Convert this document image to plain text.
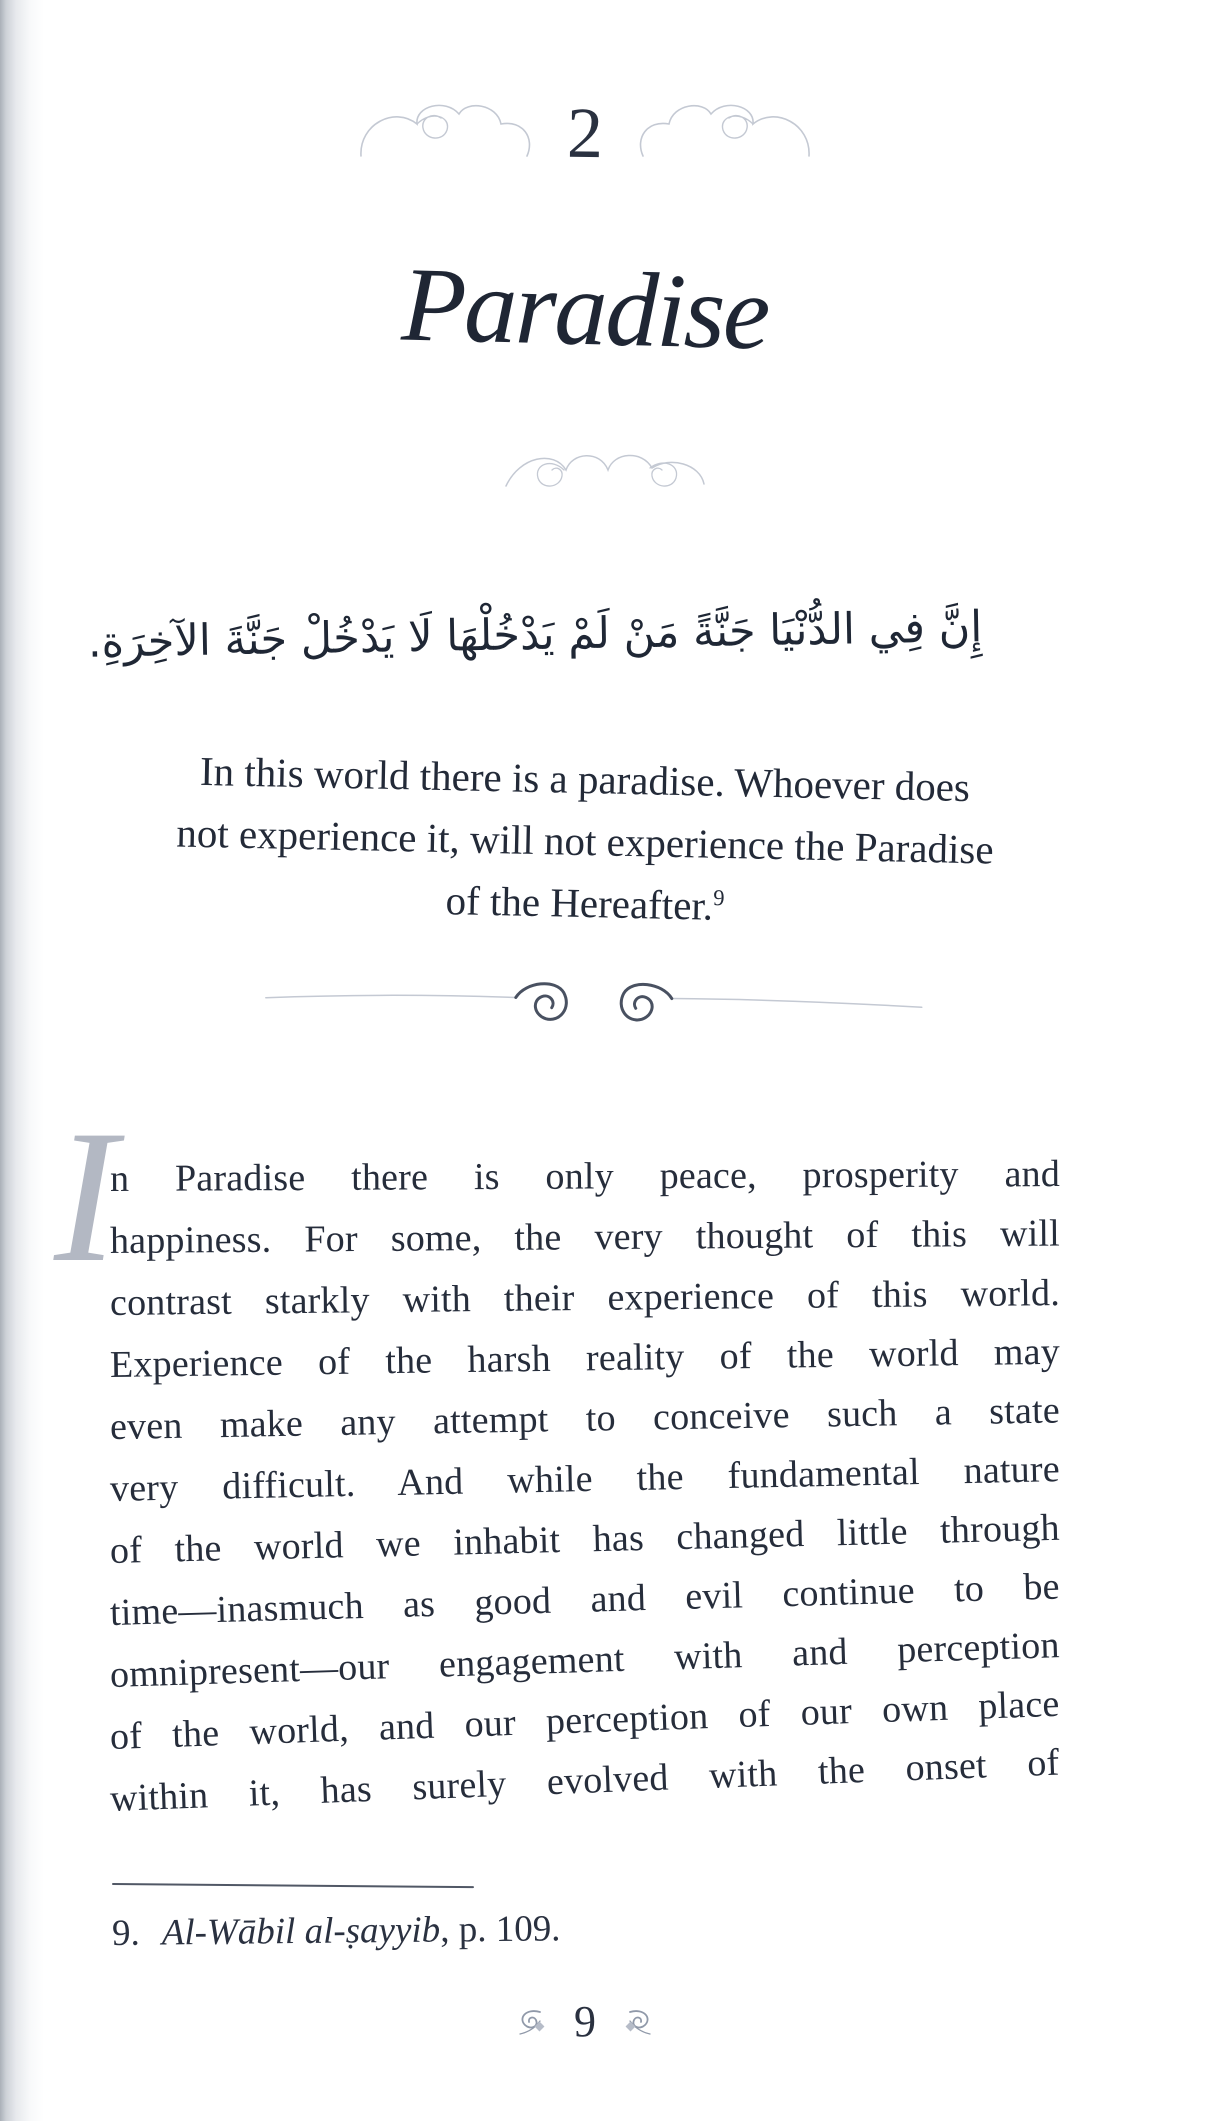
2
Paradise
إِنَّ فِي الدُّنْيَا جَنَّةً مَنْ لَمْ يَدْخُلْهَا لَا يَدْخُلْ جَنَّةَ الآخِرَةِ.
In this world there is a paradise. Whoever does
not experience it, will not experience the Paradise
of the Hereafter.$^9$
I
n Paradise there is only peace, prosperity and
happiness. For some, the very thought of this will
contrast starkly with their experience of this world.
Experience of the harsh reality of the world may
even make any attempt to conceive such a state
very difficult. And while the fundamental nature
of the world we inhabit has changed little through
time—inasmuch as good and evil continue to be
omnipresent—our engagement with and perception
of the world, and our perception of our own place
within it, has surely evolved with the onset of
9. Al-Wābil al-ṣayyib, p. 109.
9
